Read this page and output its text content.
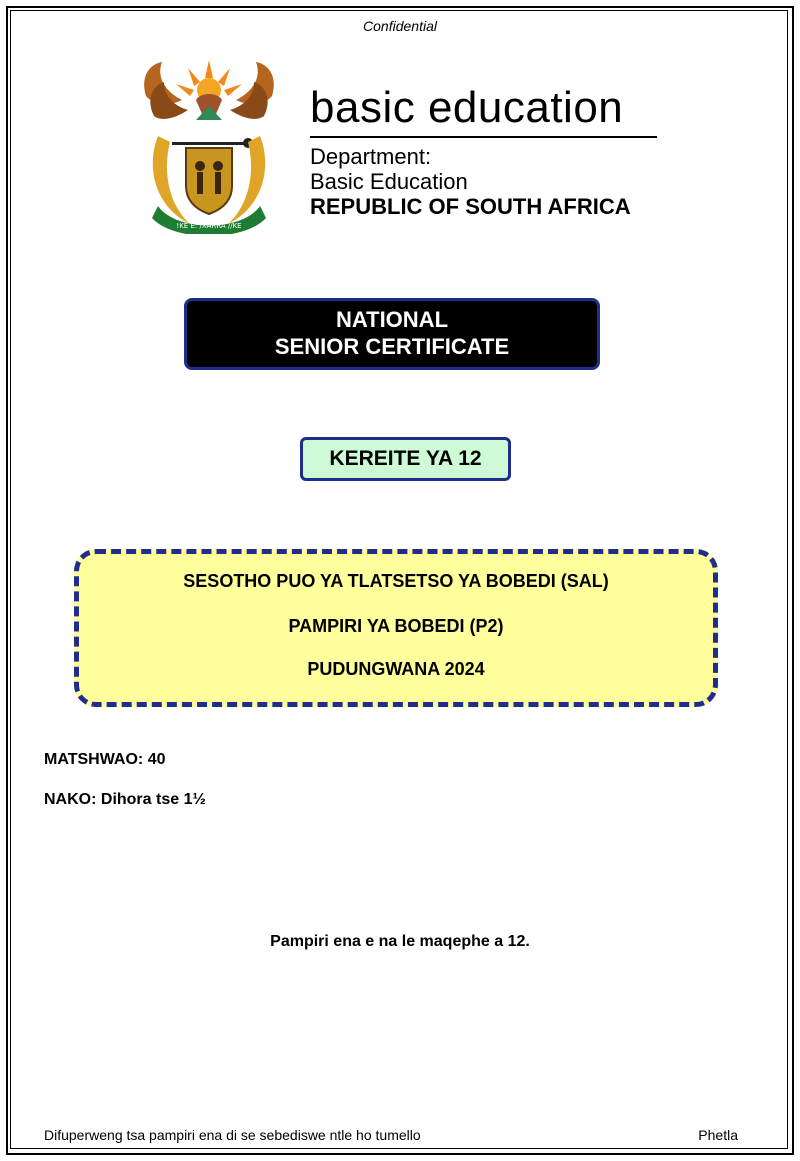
Confidential
!KE E: /XARRA //KE
basic education
Department:
Basic Education
REPUBLIC OF SOUTH AFRICA
NATIONAL
SENIOR CERTIFICATE
KEREITE YA 12
SESOTHO PUO YA TLATSETSO YA BOBEDI (SAL)
PAMPIRI YA BOBEDI (P2)
PUDUNGWANA 2024
MATSHWAO: 40
NAKO: Dihora tse 1½
Pampiri ena e na le maqephe a 12.
Difuperweng tsa pampiri ena di se sebediswe ntle ho tumello	Phetla
